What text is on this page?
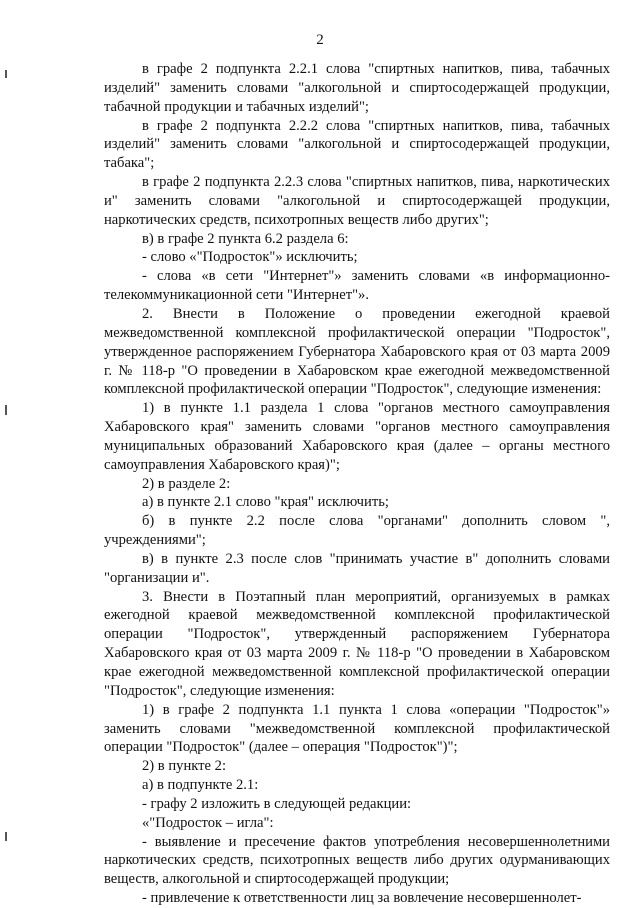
2

в графе 2 подпункта 2.2.1 слова "спиртных напитков, пива, табачных изделий" заменить словами "алкогольной и спиртосодержащей продукции, табачной продукции и табачных изделий";

в графе 2 подпункта 2.2.2 слова "спиртных напитков, пива, табачных изделий" заменить словами "алкогольной и спиртосодержащей продукции, табака";

в графе 2 подпункта 2.2.3 слова "спиртных напитков, пива, наркотических и" заменить словами "алкогольной и спиртосодержащей продукции, наркотических средств, психотропных веществ либо других";

в) в графе 2 пункта 6.2 раздела 6:

- слово «"Подросток"» исключить;

- слова «в сети "Интернет"» заменить словами «в информационно-телекоммуникационной сети "Интернет"».

2. Внести в Положение о проведении ежегодной краевой межведомственной комплексной профилактической операции "Подросток", утвержденное распоряжением Губернатора Хабаровского края от 03 марта 2009 г. № 118-р "О проведении в Хабаровском крае ежегодной межведомственной комплексной профилактической операции "Подросток", следующие изменения:

1) в пункте 1.1 раздела 1 слова "органов местного самоуправления Хабаровского края" заменить словами "органов местного самоуправления муниципальных образований Хабаровского края (далее – органы местного самоуправления Хабаровского края)";

2) в разделе 2:

а) в пункте 2.1 слово "края" исключить;

б) в пункте 2.2 после слова "органами" дополнить словом ", учреждениями";

в) в пункте 2.3 после слов "принимать участие в" дополнить словами "организации и".

3. Внести в Поэтапный план мероприятий, организуемых в рамках ежегодной краевой межведомственной комплексной профилактической операции "Подросток", утвержденный распоряжением Губернатора Хабаровского края от 03 марта 2009 г. № 118-р "О проведении в Хабаровском крае ежегодной межведомственной комплексной профилактической операции "Подросток", следующие изменения:

1) в графе 2 подпункта 1.1 пункта 1 слова «операции "Подросток"» заменить словами "межведомственной комплексной профилактической операции "Подросток" (далее – операция "Подросток")";

2) в пункте 2:

а) в подпункте 2.1:

- графу 2 изложить в следующей редакции:

«"Подросток – игла":

- выявление и пресечение фактов употребления несовершеннолетними наркотических средств, психотропных веществ либо других одурманивающих веществ, алкогольной и спиртосодержащей продукции;

- привлечение к ответственности лиц за вовлечение несовершеннолет-
